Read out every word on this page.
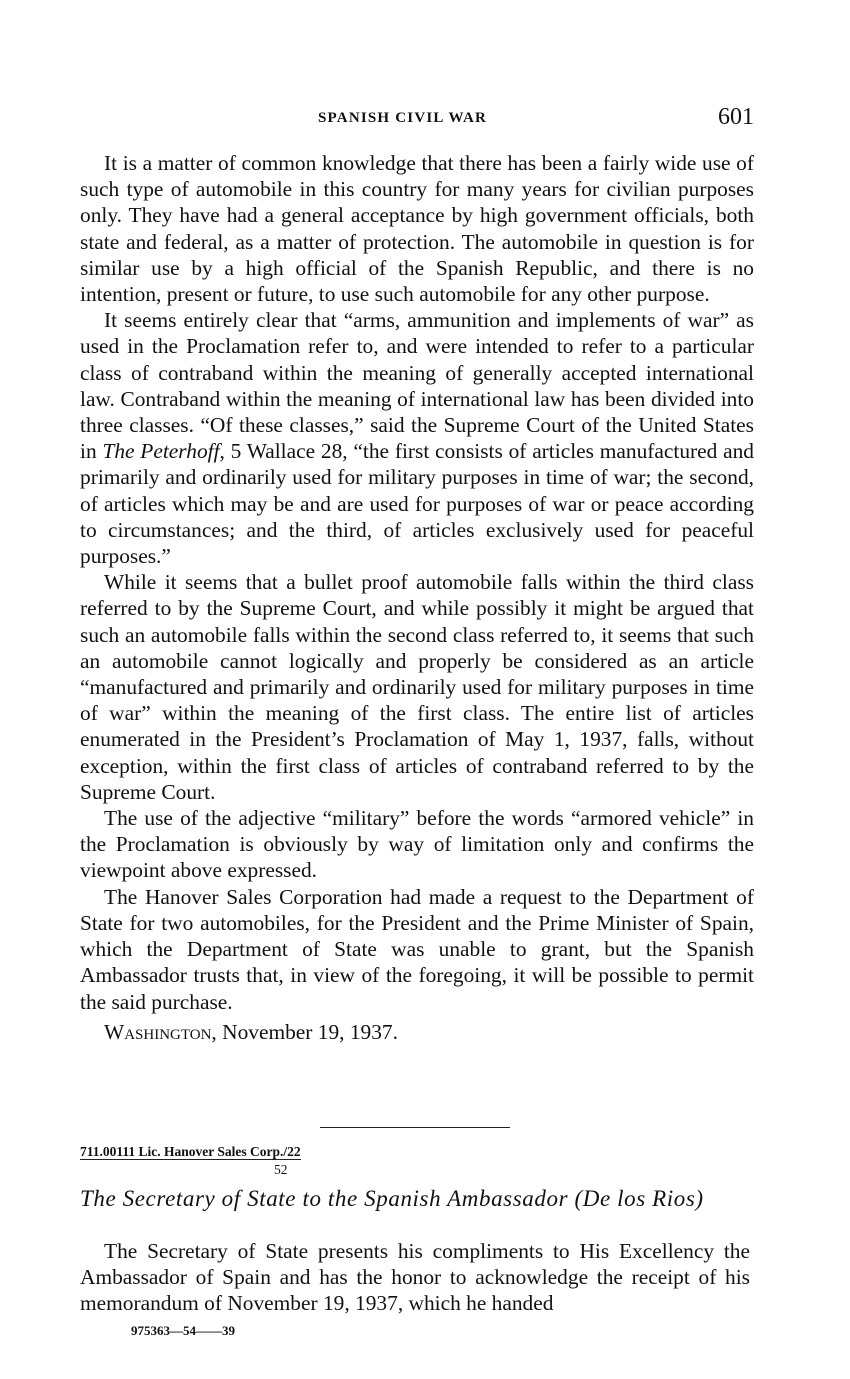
SPANISH CIVIL WAR	601

It is a matter of common knowledge that there has been a fairly wide use of such type of automobile in this country for many years for civilian purposes only. They have had a general acceptance by high government officials, both state and federal, as a matter of protection. The automobile in question is for similar use by a high official of the Spanish Republic, and there is no intention, present or future, to use such automobile for any other purpose.

It seems entirely clear that “arms, ammunition and implements of war” as used in the Proclamation refer to, and were intended to refer to a particular class of contraband within the meaning of generally accepted international law. Contraband within the meaning of international law has been divided into three classes. “Of these classes,” said the Supreme Court of the United States in The Peterhoff, 5 Wallace 28, “the first consists of articles manufactured and primarily and ordinarily used for military purposes in time of war; the second, of articles which may be and are used for purposes of war or peace according to circumstances; and the third, of articles exclusively used for peaceful purposes.”

While it seems that a bullet proof automobile falls within the third class referred to by the Supreme Court, and while possibly it might be argued that such an automobile falls within the second class referred to, it seems that such an automobile cannot logically and properly be considered as an article “manufactured and primarily and ordinarily used for military purposes in time of war” within the meaning of the first class. The entire list of articles enumerated in the President’s Proclamation of May 1, 1937, falls, without exception, within the first class of articles of contraband referred to by the Supreme Court.

The use of the adjective “military” before the words “armored vehicle” in the Proclamation is obviously by way of limitation only and confirms the viewpoint above expressed.

The Hanover Sales Corporation had made a request to the Department of State for two automobiles, for the President and the Prime Minister of Spain, which the Department of State was unable to grant, but the Spanish Ambassador trusts that, in view of the foregoing, it will be possible to permit the said purchase.

Washington, November 19, 1937.

711.00111 Lic. Hanover Sales Corp./22
52
The Secretary of State to the Spanish Ambassador (De los Rios)

The Secretary of State presents his compliments to His Excellency the Ambassador of Spain and has the honor to acknowledge the receipt of his memorandum of November 19, 1937, which he handed

975363—54——39
